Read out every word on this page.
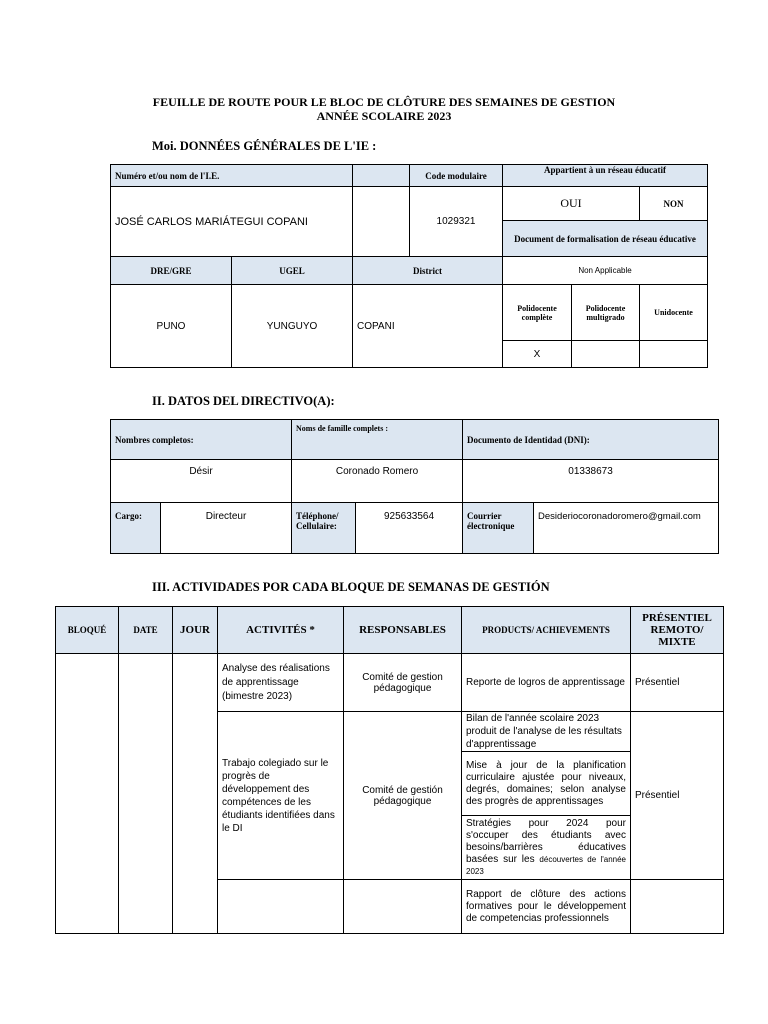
FEUILLE DE ROUTE POUR LE BLOC DE CLÔTURE DES SEMAINES DE GESTION
ANNÉE SCOLAIRE 2023
Moi. DONNÉES GÉNÉRALES DE L'IE :
Numéro et/ou nom de l'I.E.			Code modulaire	Appartient à un réseau éducatif		
JOSÉ CARLOS MARIÁTEGUI COPANI			1029321	OUI		NON
				Document de formalisation de réseau éducative		
DRE/GRE	UGEL	District		Non Applicable		
PUNO	YUNGUYO	COPANI		Polidocente complète	Polidocente multigrado	Unidocente
				X		
II. DATOS DEL DIRECTIVO(A):
Nombres completos:		Noms de famille complets :		Documento de Identidad (DNI):	
Désir		Coronado Romero		01338673	
Cargo:	Directeur	Téléphone/ Cellulaire:	925633564	Courrier électronique	Desideriocoronadoromero@gmail.com
III. ACTIVIDADES POR CADA BLOQUE DE SEMANAS DE GESTIÓN
BLOQUÉ	DATE	JOUR	ACTIVITÉS *	RESPONSABLES	PRODUCTS/ ACHIEVEMENTS	PRÉSENTIEL REMOTO/ MIXTE
			Analyse des réalisations de apprentissage (bimestre 2023)	Comité de gestion pédagogique	Reporte de logros de apprentissage	Présentiel
			Trabajo colegiado sur le progrès de développement des compétences de les étudiants identifiées dans le DI	Comité de gestión pédagogique	Bilan de l'année scolaire 2023 produit de l'analyse de les résultats d'apprentissage	Présentiel
					Mise à jour de la planification curriculaire ajustée pour niveaux, degrés, domaines; selon analyse des progrès de apprentissages	
					Stratégies pour 2024 pour s'occuper des étudiants avec besoins/barrières éducatives basées sur les découvertes de l'année 2023	
					Rapport de clôture des actions formatives pour le développement de competencias professionnels	
